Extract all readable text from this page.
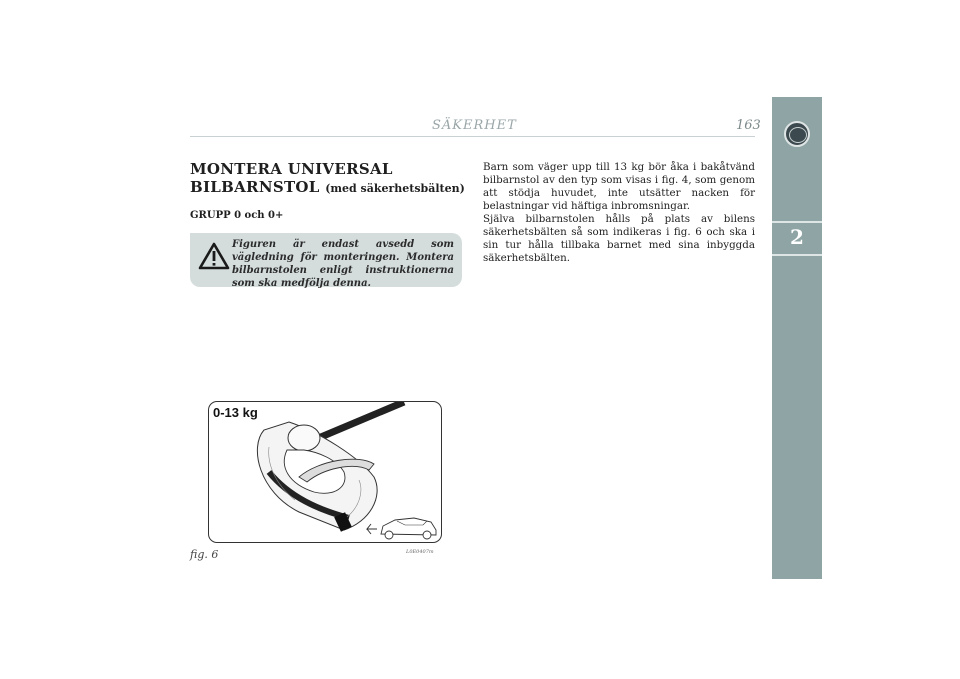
SÄKERHET	163
2
MONTERA UNIVERSAL
BILBARNSTOL (med säkerhetsbälten)
GRUPP 0 och 0+
Figuren är endast avsedd som vägledning för monteringen. Montera bilbarnstolen enligt instruktionerna som ska medfölja denna.

Barn som väger upp till 13 kg bör åka i bakåtvänd bilbarnstol av den typ som visas i fig. 4, som genom att stödja huvudet, inte utsätter nacken för belastningar vid häftiga inbromsningar.

Själva bilbarnstolen hålls på plats av bilens säkerhetsbälten så som indikeras i fig. 6 och ska i sin tur hålla tillbaka barnet med sina inbyggda säkerhetsbälten.

0-13 kg
fig. 6	L0E0407m
